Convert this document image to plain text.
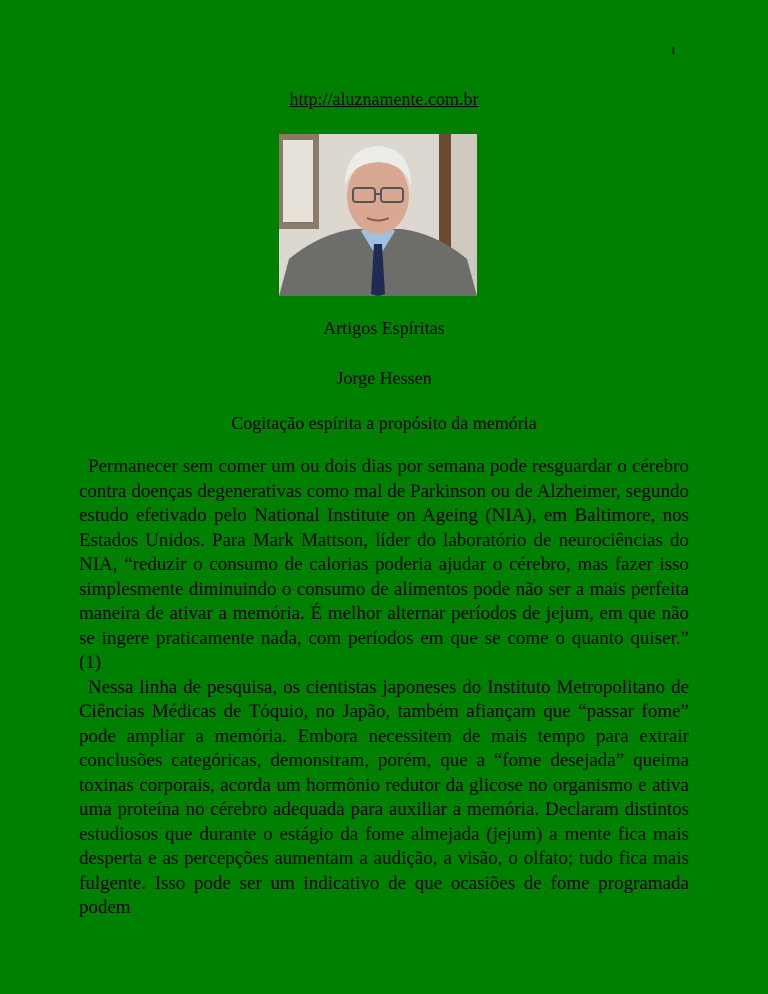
1
http://aluznamente.com.br
Artigos Espíritas
Jorge Hessen
Cogitação espírita a propósito da memória

Permanecer sem comer um ou dois dias por semana pode resguardar o cérebro contra doenças degenerativas como mal de Parkinson ou de Alzheimer, segundo estudo efetivado pelo National Institute on Ageing (NIA), em Baltimore, nos Estados Unidos. Para Mark Mattson, líder do laboratório de neurociências do NIA, “reduzir o consumo de calorias poderia ajudar o cérebro, mas fazer isso simplesmente diminuindo o consumo de alimentos pode não ser a mais perfeita maneira de ativar a memória. É melhor alternar períodos de jejum, em que não se ingere praticamente nada, com períodos em que se come o quanto quiser.” (1)

Nessa linha de pesquisa, os cientistas japoneses do Instituto Metropolitano de Ciências Médicas de Tóquio, no Japão, também afiançam que “passar fome” pode ampliar a memória. Embora necessitem de mais tempo para extrair conclusões categóricas, demonstram, porém, que a “fome desejada” queima toxinas corporais, acorda um hormônio redutor da glicose no organismo e ativa uma proteína no cérebro adequada para auxiliar a memória. Declaram distintos estudiosos que durante o estágio da fome almejada (jejum) a mente fica mais desperta e as percepções aumentam a audição, a visão, o olfato; tudo fica mais fulgente. Isso pode ser um indicativo de que ocasiões de fome programada podem
